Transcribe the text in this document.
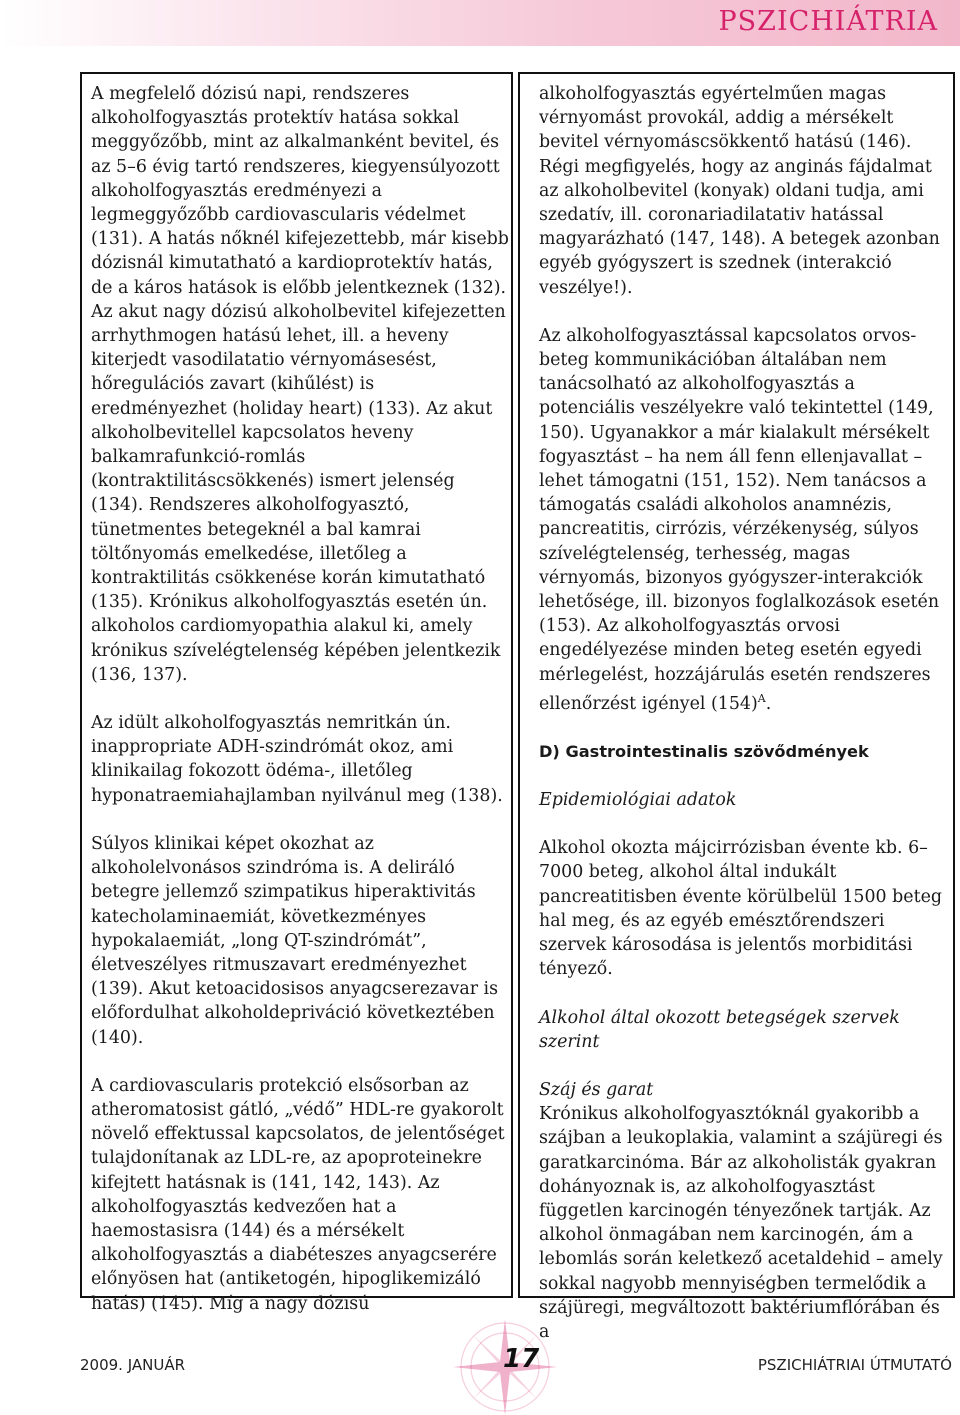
PSZICHIÁTRIA

A megfelelő dózisú napi, rendszeres alkoholfogyasztás protektív hatása sokkal meggyőzőbb, mint az alkalmanként bevitel, és az 5–6 évig tartó rendszeres, kiegyensúlyozott alkoholfogyasztás eredményezi a legmeggyőzőbb cardiovascularis védelmet (131). A hatás nőknél kifejezettebb, már kisebb dózisnál kimutatható a kardioprotektív hatás, de a káros hatások is előbb jelentkeznek (132). Az akut nagy dózisú alkoholbevitel kifejezetten arrhythmogen hatású lehet, ill. a heveny kiterjedt vasodilatatio vérnyomásesést, hőregulációs zavart (kihűlést) is eredményezhet (holiday heart) (133). Az akut alkoholbevitellel kapcsolatos heveny balkamrafunkció-romlás (kontraktilitáscsökkenés) ismert jelenség (134). Rendszeres alkoholfogyasztó, tünetmentes betegeknél a bal kamrai töltőnyomás emelkedése, illetőleg a kontraktilitás csökkenése korán kimutatható (135). Krónikus alkoholfogyasztás esetén ún. alkoholos cardiomyopathia alakul ki, amely krónikus szívelégtelenség képében jelentkezik (136, 137).

Az idült alkoholfogyasztás nemritkán ún. inappropriate ADH-szindrómát okoz, ami klinikailag fokozott ödéma-, illetőleg hyponatraemiahajlamban nyilvánul meg (138).

Súlyos klinikai képet okozhat az alkoholelvonásos szindróma is. A deliráló betegre jellemző szimpatikus hiperaktivitás katecholaminaemiát, következményes hypokalaemiát, „long QT-szindrómát”, életveszélyes ritmuszavart eredményezhet (139). Akut ketoacidosisos anyagcserezavar is előfordulhat alkoholdepriváció következtében (140).

A cardiovascularis protekció elsősorban az atheromatosist gátló, „védő” HDL-re gyakorolt növelő effektussal kapcsolatos, de jelentőséget tulajdonítanak az LDL-re, az apoproteinekre kifejtett hatásnak is (141, 142, 143). Az alkoholfogyasztás kedvezően hat a haemostasisra (144) és a mérsékelt alkoholfogyasztás a diabéteszes anyagcserére előnyösen hat (antiketogén, hipoglikemizáló hatás) (145). Míg a nagy dózisú

alkoholfogyasztás egyértelműen magas vérnyomást provokál, addig a mérsékelt bevitel vérnyomáscsökkentő hatású (146). Régi megfigyelés, hogy az anginás fájdalmat az alkoholbevitel (konyak) oldani tudja, ami szedatív, ill. coronariadilatativ hatással magyarázható (147, 148). A betegek azonban egyéb gyógyszert is szednek (interakció veszélye!).

Az alkoholfogyasztással kapcsolatos orvos-beteg kommunikációban általában nem tanácsolható az alkoholfogyasztás a potenciális veszélyekre való tekintettel (149, 150). Ugyanakkor a már kialakult mérsékelt fogyasztást – ha nem áll fenn ellenjavallat – lehet támogatni (151, 152). Nem tanácsos a támogatás családi alkoholos anamnézis, pancreatitis, cirrózis, vérzékenység, súlyos szívelégtelenség, terhesség, magas vérnyomás, bizonyos gyógyszer-interakciók lehetősége, ill. bizonyos foglalkozások esetén (153). Az alkoholfogyasztás orvosi engedélyezése minden beteg esetén egyedi mérlegelést, hozzájárulás esetén rendszeres ellenőrzést igényel $(154)^A$.

D) Gastrointestinalis szövődmények
Epidemiológiai adatok

Alkohol okozta májcirrózisban évente kb. 6–7000 beteg, alkohol által indukált pancreatitisben évente körülbelül 1500 beteg hal meg, és az egyéb emésztőrendszeri szervek károsodása is jelentős morbiditási tényező.

Alkohol által okozott betegségek szervek szerint
Száj és garat

Krónikus alkoholfogyasztóknál gyakoribb a szájban a leukoplakia, valamint a szájüregi és garatkarcinóma. Bár az alkoholisták gyakran dohányoznak is, az alkoholfogyasztást független karcinogén tényezőnek tartják. Az alkohol önmagában nem karcinogén, ám a lebomlás során keletkező acetaldehid – amely sokkal nagyobb mennyiségben termelődik a szájüregi, megváltozott baktériumflórában és a

2009. JANUÁR	17	PSZICHIÁTRIAI ÚTMUTATÓ
